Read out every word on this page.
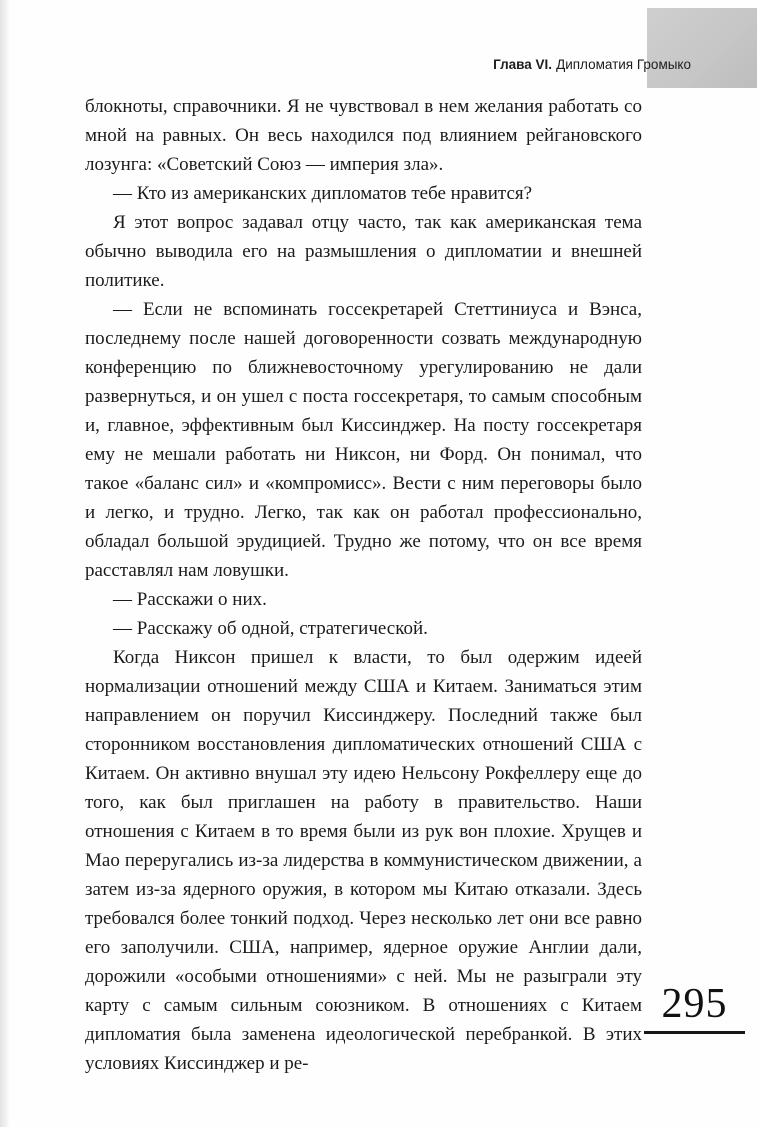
Глава VI. Дипломатия Громыко

блокноты, справочники. Я не чувствовал в нем желания работать со мной на равных. Он весь находился под влиянием рейгановского лозунга: «Советский Союз — империя зла».

— Кто из американских дипломатов тебе нравится?

Я этот вопрос задавал отцу часто, так как американская тема обычно выводила его на размышления о дипломатии и внешней политике.

— Если не вспоминать госсекретарей Стеттиниуса и Вэнса, последнему после нашей договоренности созвать международную конференцию по ближневосточному урегулированию не дали развернуться, и он ушел с поста госсекретаря, то самым способным и, главное, эффективным был Киссинджер. На посту госсекретаря ему не мешали работать ни Никсон, ни Форд. Он понимал, что такое «баланс сил» и «компромисс». Вести с ним переговоры было и легко, и трудно. Легко, так как он работал профессионально, обладал большой эрудицией. Трудно же потому, что он все время расставлял нам ловушки.

— Расскажи о них.

— Расскажу об одной, стратегической.

Когда Никсон пришел к власти, то был одержим идеей нормализации отношений между США и Китаем. Заниматься этим направлением он поручил Киссинджеру. Последний также был сторонником восстановления дипломатических отношений США с Китаем. Он активно внушал эту идею Нельсону Рокфеллеру еще до того, как был приглашен на работу в правительство. Наши отношения с Китаем в то время были из рук вон плохие. Хрущев и Мао переругались из-за лидерства в коммунистическом движении, а затем из-за ядерного оружия, в котором мы Китаю отказали. Здесь требовался более тонкий подход. Через несколько лет они все равно его заполучили. США, например, ядерное оружие Англии дали, дорожили «особыми отношениями» с ней. Мы не разыграли эту карту с самым сильным союзником. В отношениях с Китаем дипломатия была заменена идеологической перебранкой. В этих условиях Киссинджер и ре-

295
